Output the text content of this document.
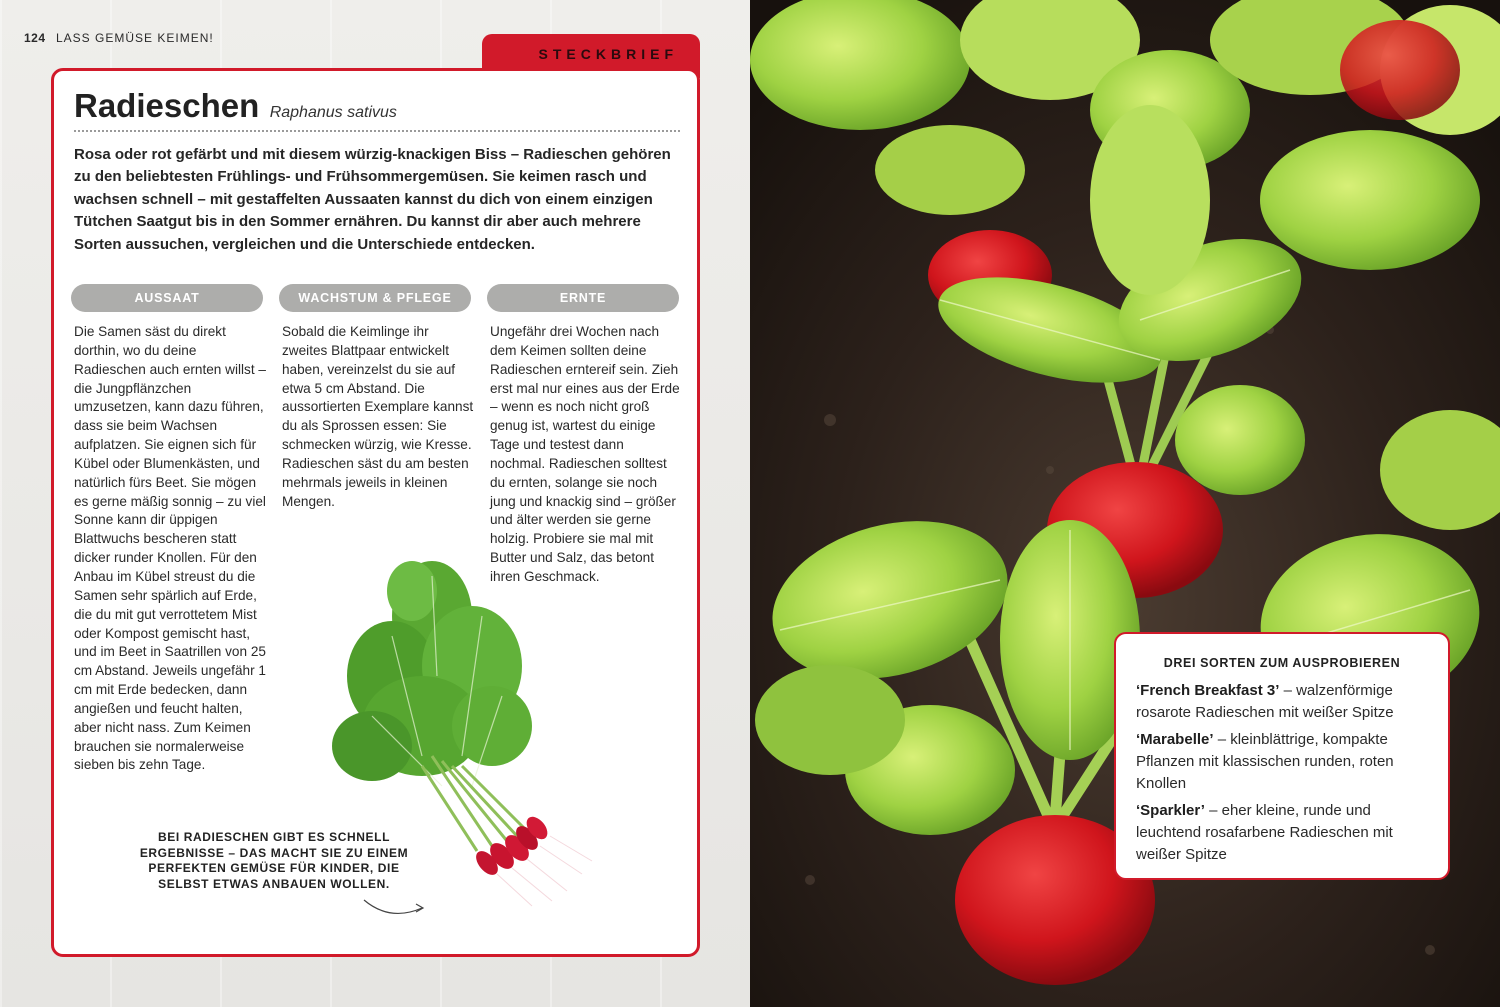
124 LASS GEMÜSE KEIMEN!
STECKBRIEF
Radieschen Raphanus sativus

Rosa oder rot gefärbt und mit diesem würzig-knackigen Biss – Radieschen gehören zu den beliebtesten Frühlings- und Frühsommergemüsen. Sie keimen rasch und wachsen schnell – mit gestaffelten Aussaaten kannst du dich von einem einzigen Tütchen Saatgut bis in den Sommer ernähren. Du kannst dir aber auch mehrere Sorten aussuchen, vergleichen und die Unterschiede entdecken.

AUSSAAT	WACHSTUM & PFLEGE	ERNTE

Die Samen säst du direkt dorthin, wo du deine Radieschen auch ernten willst – die Jungpflänzchen umzusetzen, kann dazu führen, dass sie beim Wachsen aufplatzen. Sie eignen sich für Kübel oder Blumenkästen, und natürlich fürs Beet. Sie mögen es gerne mäßig sonnig – zu viel Sonne kann dir üppigen Blattwuchs bescheren statt dicker runder Knollen. Für den Anbau im Kübel streust du die Samen sehr spärlich auf Erde, die du mit gut verrottetem Mist oder Kompost gemischt hast, und im Beet in Saatrillen von 25 cm Abstand. Jeweils ungefähr 1 cm mit Erde bedecken, dann angießen und feucht halten, aber nicht nass. Zum Keimen brauchen sie normalerweise sieben bis zehn Tage.

Sobald die Keimlinge ihr zweites Blattpaar entwickelt haben, vereinzelst du sie auf etwa 5 cm Abstand. Die aussortierten Exemplare kannst du als Sprossen essen: Sie schmecken würzig, wie Kresse. Radieschen säst du am besten mehrmals jeweils in kleinen Mengen.

Ungefähr drei Wochen nach dem Keimen sollten deine Radieschen erntereif sein. Zieh erst mal nur eines aus der Erde – wenn es noch nicht groß genug ist, wartest du einige Tage und testest dann nochmal. Radieschen solltest du ernten, solange sie noch jung und knackig sind – größer und älter werden sie gerne holzig. Probiere sie mal mit Butter und Salz, das betont ihren Geschmack.

BEI RADIESCHEN GIBT ES SCHNELL ERGEBNISSE – DAS MACHT SIE ZU EINEM PERFEKTEN GEMÜSE FÜR KINDER, DIE SELBST ETWAS ANBAUEN WOLLEN.

DREI SORTEN ZUM AUSPROBIEREN

‘French Breakfast 3’ – walzenförmige rosarote Radieschen mit weißer Spitze

‘Marabelle’ – kleinblättrige, kompakte Pflanzen mit klassischen runden, roten Knollen

‘Sparkler’ – eher kleine, runde und leuchtend rosafarbene Radieschen mit weißer Spitze
